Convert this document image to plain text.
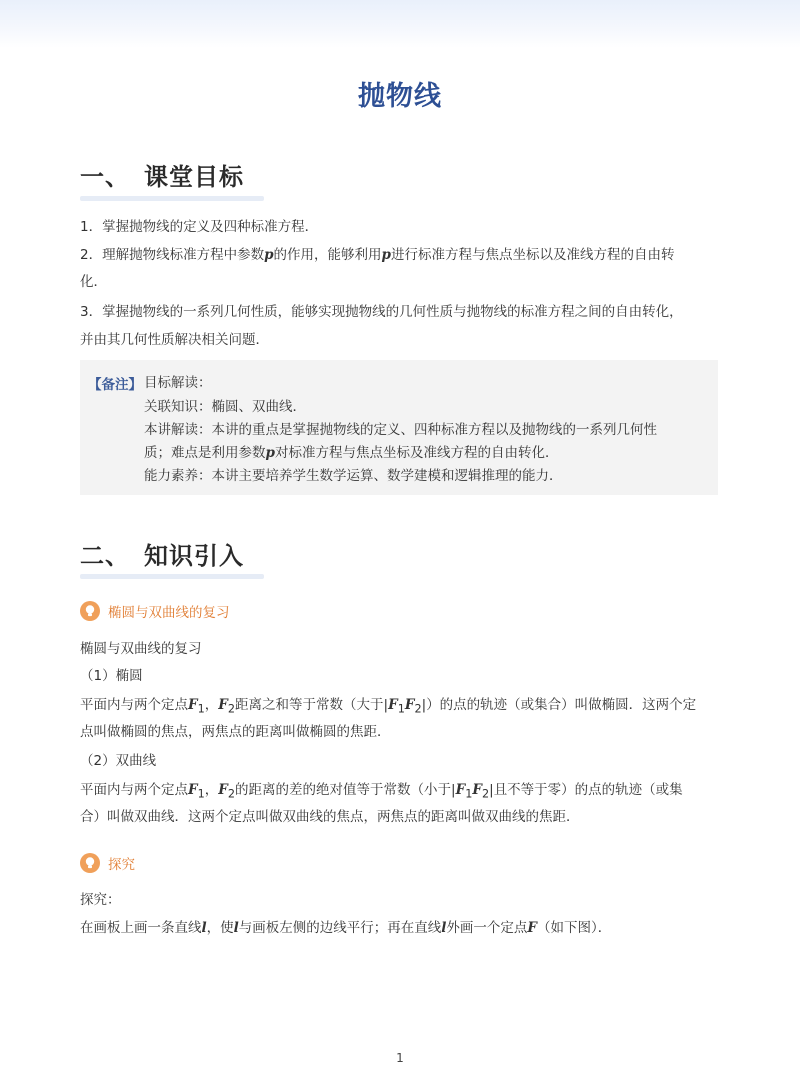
抛物线
一、 课堂目标
1．掌握抛物线的定义及四种标准方程．
2．理解抛物线标准方程中参数p的作用，能够利用p进行标准方程与焦点坐标以及准线方程的自由转
化．
3．掌握抛物线的一系列几何性质，能够实现抛物线的几何性质与抛物线的标准方程之间的自由转化，
并由其几何性质解决相关问题．
【备注】 目标解读：
关联知识：椭圆、双曲线．
本讲解读：本讲的重点是掌握抛物线的定义、四种标准方程以及抛物线的一系列几何性
质；难点是利用参数p对标准方程与焦点坐标及准线方程的自由转化．
能力素养：本讲主要培养学生数学运算、数学建模和逻辑推理的能力．
二、 知识引入
椭圆与双曲线的复习
椭圆与双曲线的复习
（1）椭圆
平面内与两个定点$F_1$，$F_2$距离之和等于常数（大于$|F_1F_2|$）的点的轨迹（或集合）叫做椭圆．这两个定
点叫做椭圆的焦点，两焦点的距离叫做椭圆的焦距．
（2）双曲线
平面内与两个定点$F_1$，$F_2$的距离的差的绝对值等于常数（小于$|F_1F_2|$且不等于零）的点的轨迹（或集
合）叫做双曲线．这两个定点叫做双曲线的焦点，两焦点的距离叫做双曲线的焦距．
探究
探究：
在画板上画一条直线l，使l与画板左侧的边线平行；再在直线l外画一个定点F（如下图）．
1
